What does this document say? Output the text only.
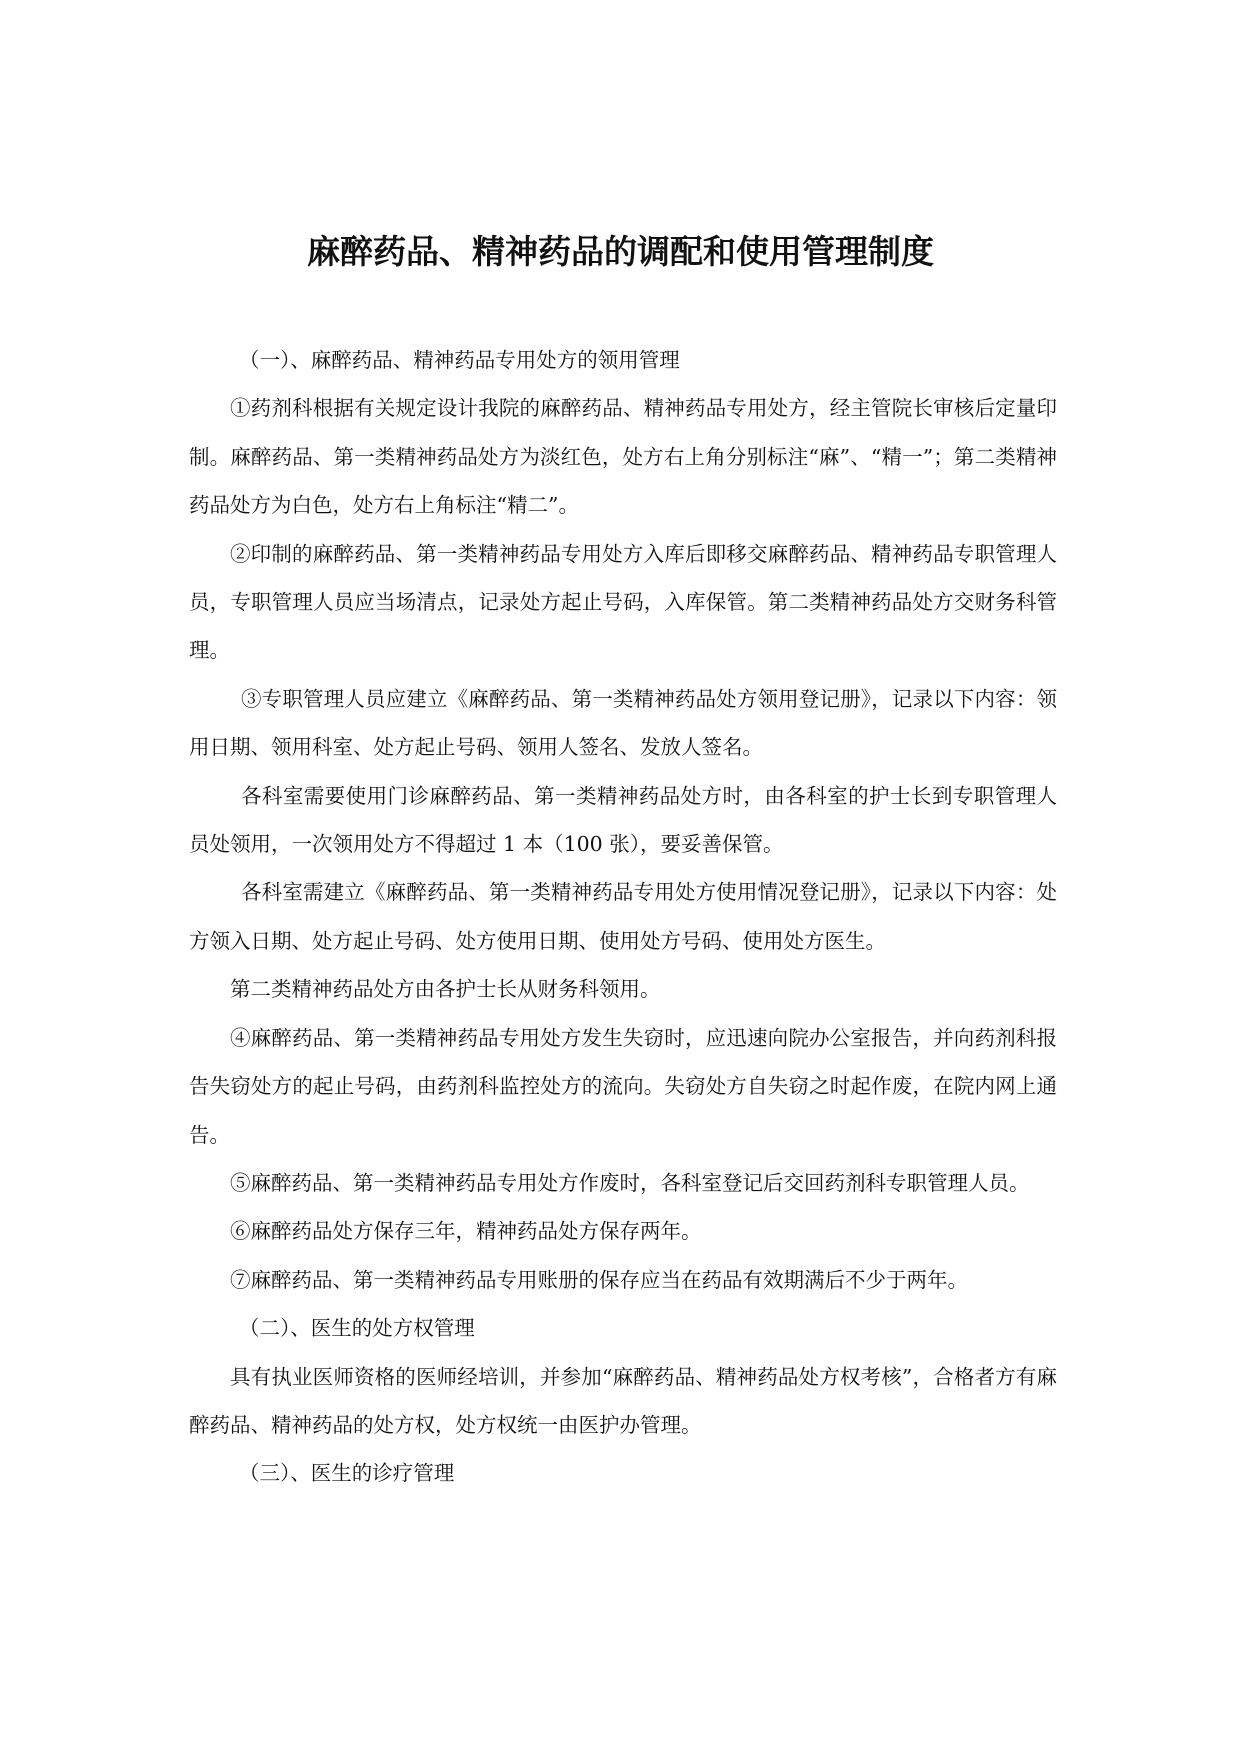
麻醉药品、精神药品的调配和使用管理制度

（一）、麻醉药品、精神药品专用处方的领用管理

①药剂科根据有关规定设计我院的麻醉药品、精神药品专用处方，经主管院长审核后定量印制。麻醉药品、第一类精神药品处方为淡红色，处方右上角分别标注“麻”、“精一”；第二类精神药品处方为白色，处方右上角标注“精二”。

②印制的麻醉药品、第一类精神药品专用处方入库后即移交麻醉药品、精神药品专职管理人员，专职管理人员应当场清点，记录处方起止号码，入库保管。第二类精神药品处方交财务科管理。

③专职管理人员应建立《麻醉药品、第一类精神药品处方领用登记册》，记录以下内容：领用日期、领用科室、处方起止号码、领用人签名、发放人签名。

各科室需要使用门诊麻醉药品、第一类精神药品处方时，由各科室的护士长到专职管理人员处领用，一次领用处方不得超过 1 本（100 张），要妥善保管。

各科室需建立《麻醉药品、第一类精神药品专用处方使用情况登记册》，记录以下内容：处方领入日期、处方起止号码、处方使用日期、使用处方号码、使用处方医生。

第二类精神药品处方由各护士长从财务科领用。

④麻醉药品、第一类精神药品专用处方发生失窃时，应迅速向院办公室报告，并向药剂科报告失窃处方的起止号码，由药剂科监控处方的流向。失窃处方自失窃之时起作废，在院内网上通告。

⑤麻醉药品、第一类精神药品专用处方作废时，各科室登记后交回药剂科专职管理人员。

⑥麻醉药品处方保存三年，精神药品处方保存两年。

⑦麻醉药品、第一类精神药品专用账册的保存应当在药品有效期满后不少于两年。

（二）、医生的处方权管理

具有执业医师资格的医师经培训，并参加“麻醉药品、精神药品处方权考核”，合格者方有麻醉药品、精神药品的处方权，处方权统一由医护办管理。

（三）、医生的诊疗管理
